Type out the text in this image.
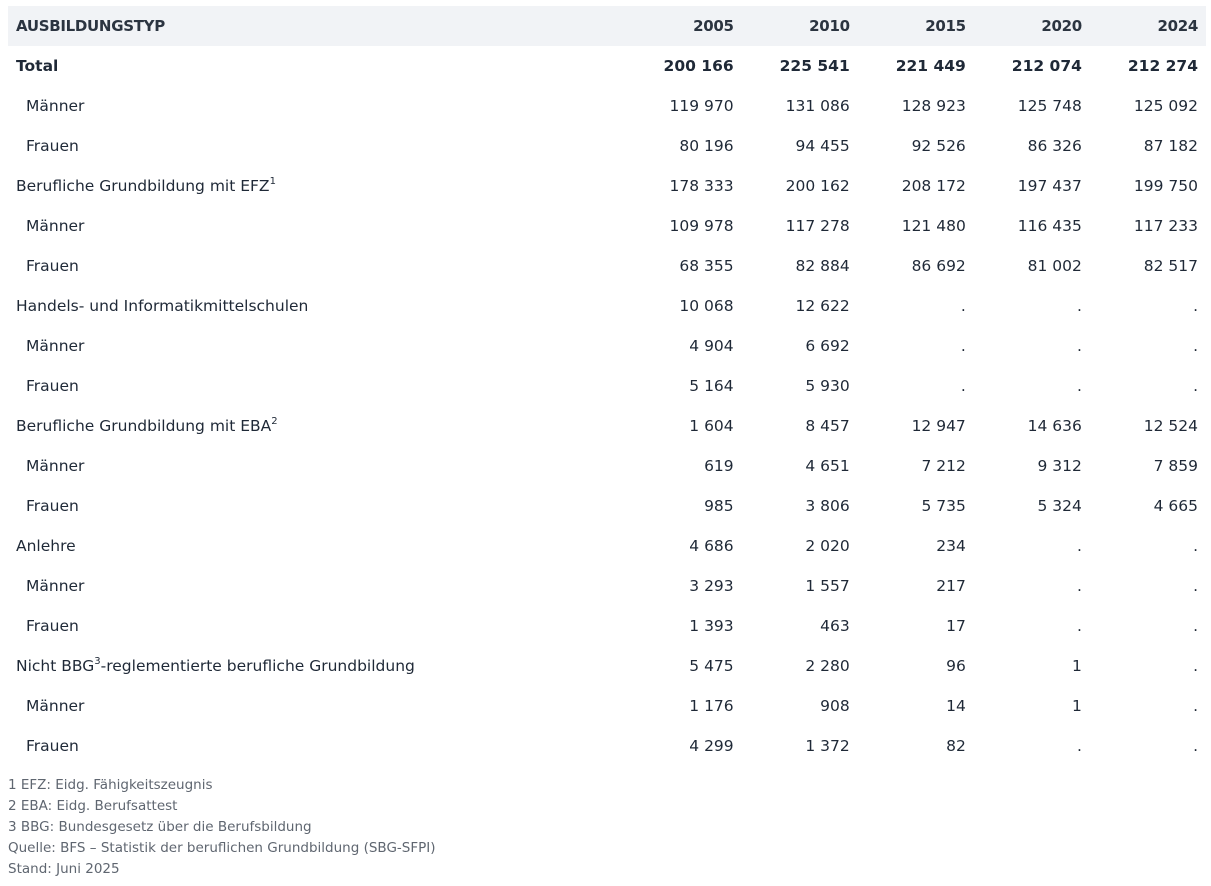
AUSBILDUNGSTYP	2005	2010	2015	2020	2024
Total	200 166	225 541	221 449	212 074	212 274
Männer	119 970	131 086	128 923	125 748	125 092
Frauen	80 196	94 455	92 526	86 326	87 182
Berufliche Grundbildung mit EFZ$^1$	178 333	200 162	208 172	197 437	199 750
Männer	109 978	117 278	121 480	116 435	117 233
Frauen	68 355	82 884	86 692	81 002	82 517
Handels- und Informatikmittelschulen	10 068	12 622	.	.	.
Männer	4 904	6 692	.	.	.
Frauen	5 164	5 930	.	.	.
Berufliche Grundbildung mit EBA$^2$	1 604	8 457	12 947	14 636	12 524
Männer	619	4 651	7 212	9 312	7 859
Frauen	985	3 806	5 735	5 324	4 665
Anlehre	4 686	2 020	234	.	.
Männer	3 293	1 557	217	.	.
Frauen	1 393	463	17	.	.
Nicht BBG$^3$-reglementierte berufliche Grundbildung	5 475	2 280	96	1	.
Männer	1 176	908	14	1	.
Frauen	4 299	1 372	82	.	.
1 EFZ: Eidg. Fähigkeitszeugnis
2 EBA: Eidg. Berufsattest
3 BBG: Bundesgesetz über die Berufsbildung
Quelle: BFS – Statistik der beruflichen Grundbildung (SBG-SFPI)
Stand: Juni 2025
